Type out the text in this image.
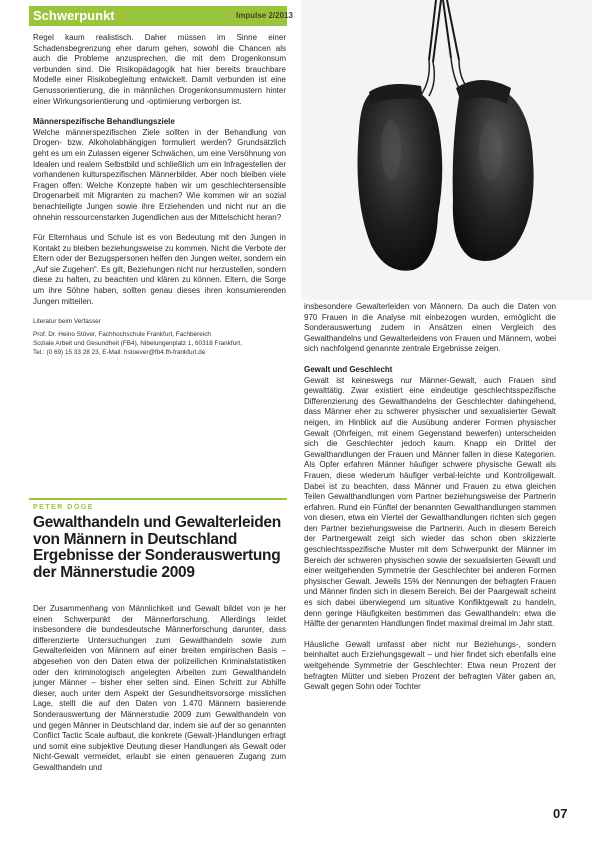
Schwerpunkt	Impulse 2/2013

Regel kaum realistisch. Daher müssen im Sinne einer Schadensbegrenzung eher darum gehen, sowohl die Chancen als auch die Probleme anzusprechen, die mit dem Drogenkonsum verbunden sind. Die Risikopädagogik hat hier bereits brauchbare Modelle einer Risikobegleitung entwickelt. Damit verbunden ist eine Genussorientierung, die in männlichen Drogenkonsummustern hinter einer Wirkungsorientierung und -optimierung verborgen ist.

Männerspezifische Behandlungsziele

Welche männerspezifischen Ziele sollten in der Behandlung von Drogen- bzw. Alkoholabhängigen formuliert werden? Grundsätzlich geht es um ein Zulassen eigener Schwächen, um eine Versöhnung von Idealen und realem Selbstbild und schließlich um ein Infragestellen der vorhandenen kulturspezifischen Männerbilder. Aber noch bleiben viele Fragen offen: Welche Konzepte haben wir um geschlechtersensible Drogenarbeit mit Migranten zu machen? Wie kommen wir an sozial benachteiligte Jungen sowie ihre Erziehenden und nicht nur an die ohnehin ressourcenstarken Jugendlichen aus der Mittelschicht heran?

Für Elternhaus und Schule ist es von Bedeutung mit den Jungen in Kontakt zu bleiben beziehungsweise zu kommen. Nicht die Verbote der Eltern oder der Bezugspersonen helfen den Jungen weiter, sondern ein „Auf sie Zugehen“. Es gilt, Beziehungen nicht nur herzustellen, sondern diese zu halten, zu beachten und klären zu können. Eltern, die Sorge um ihre Söhne haben, sollten genau dieses ihren konsumierenden Jungen mitteilen.

Literatur beim Verfasser

Prof. Dr. Heino Stöver, Fachhochschule Frankfurt, Fachbereich

Soziale Arbeit und Gesundheit (FB4), Nibelungenplatz 1, 60318 Frankfurt,

Tel.: (0 69) 15 33 28 23, E-Mail: hstoever@fb4.fh-frankfurt.de

PETER DÖGE
Gewalthandeln und Gewalterleiden
von Männern in Deutschland
Ergebnisse der Sonderauswertung
der Männerstudie 2009

Der Zusammenhang von Männlichkeit und Gewalt bildet von je her einen Schwerpunkt der Männerforschung. Allerdings leidet insbesondere die bundesdeutsche Männerforschung darunter, dass differenzierte Untersuchungen zum Gewalthandeln sowie zum Gewalterleiden von Männern auf einer breiten empirischen Basis – abgesehen von den Daten etwa der polizeilichen Kriminalstatistiken oder den kriminologisch angelegten Arbeiten zum Gewalthandeln junger Männer – bisher eher selten sind. Einen Schritt zur Abhilfe dieser, auch unter dem Aspekt der Gesundheitsvorsorge misslichen Lage, stellt die auf den Daten von 1.470 Männern basierende Sonderauswertung der Männerstudie 2009 zum Gewalthandeln von und gegen Männer in Deutschland dar, indem sie auf der so genannten Conflict Tactic Scale aufbaut, die konkrete (Gewalt-)Handlungen erfragt und somit eine subjektive Deutung dieser Handlungen als Gewalt oder Nicht-Gewalt vermeidet, erlaubt sie einen genaueren Zugang zum Gewalthandeln und

insbesondere Gewalterleiden von Männern. Da auch die Daten von 970 Frauen in die Analyse mit einbezogen wurden, ermöglicht die Sonderauswertung zudem in Ansätzen einen Vergleich des Gewalthandelns und Gewalterleidens von Frauen und Männern, wobei sich nachfolgend genannte zentrale Ergebnisse zeigen.

Gewalt und Geschlecht

Gewalt ist keineswegs nur Männer-Gewalt, auch Frauen sind gewalttätig. Zwar existiert eine eindeutige geschlechtsspezifische Differenzierung des Gewalthandelns der Geschlechter dahingehend, dass Männer eher zu schwerer physischer und sexualisierter Gewalt neigen, im Hinblick auf die Ausübung anderer Formen physischer Gewalt (Ohrfeigen, mit einem Gegenstand bewerfen) unterscheiden sich die Geschlechter jedoch kaum. Knapp ein Drittel der Gewalthandlungen der Frauen und Männer fallen in diese Kategorien. Als Opfer erfahren Männer häufiger schwere physische Gewalt als Frauen, diese wiederum häufiger verbal-leichte und Kontrollgewalt. Dabei ist zu beachten, dass Männer und Frauen zu etwa gleichen Teilen Gewalthandlungen vom Partner beziehungsweise der Partnerin erfahren. Rund ein Fünftel der benannten Gewalthandlungen stammen von diesen, etwa ein Viertel der Gewalthandlungen richten sich gegen den Partner beziehungsweise die Partnerin. Auch in diesem Bereich der Partnergewalt zeigt sich wieder das schon oben skizzierte geschlechtsspezifische Muster mit dem Schwerpunkt der Männer im Bereich der schweren physischen sowie der sexualisierten Gewalt und einer weitgehenden Symmetrie der Geschlechter bei anderen Formen physischer Gewalt. Jeweils 15% der Nennungen der befragten Frauen und Männer finden sich in diesem Bereich. Bei der Paargewalt scheint es sich dabei überwiegend um situative Konfliktgewalt zu handeln, denn geringe Häufigkeiten bestimmen das Gewalthandeln: etwa die Hälfte der genannten Handlungen findet maximal dreimal im Jahr statt.

Häusliche Gewalt umfasst aber nicht nur Beziehungs-, sondern beinhaltet auch Erziehungsgewalt – und hier findet sich ebenfalls eine weitgehende Symmetrie der Geschlechter: Etwa neun Prozent der befragten Mütter und sieben Prozent der befragten Väter gaben an, Gewalt gegen Sohn oder Tochter

07
